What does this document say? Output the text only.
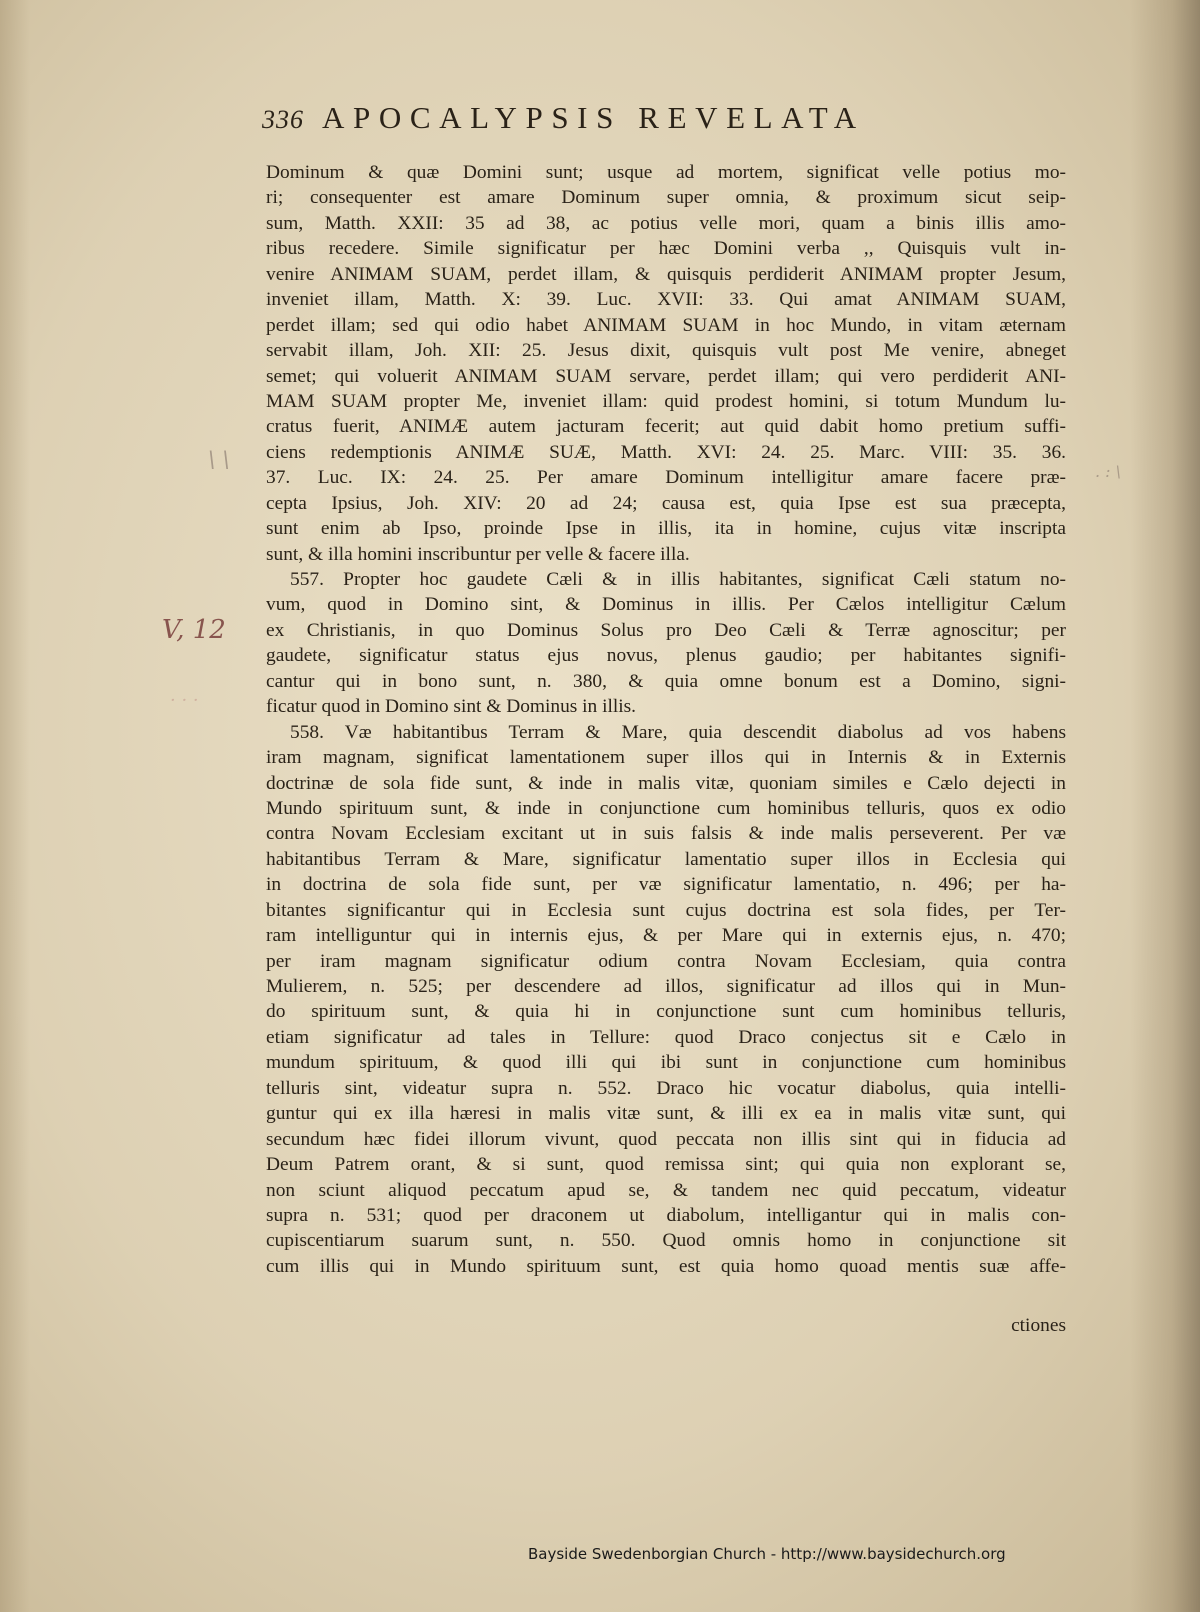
336 APOCALYPSIS REVELATA
\ \	. : \
V, 12
· · ·
Dominum & quæ Domini sunt; usque ad mortem, significat velle potius mo-
ri; consequenter est amare Dominum super omnia, & proximum sicut seip-
sum, Matth. XXII: 35 ad 38, ac potius velle mori, quam a binis illis amo-
ribus recedere. Simile significatur per hæc Domini verba ,, Quisquis vult in-
venire ANIMAM SUAM, perdet illam, & quisquis perdiderit ANIMAM propter Jesum,
inveniet illam, Matth. X: 39. Luc. XVII: 33. Qui amat ANIMAM SUAM,
perdet illam; sed qui odio habet ANIMAM SUAM in hoc Mundo, in vitam æternam
servabit illam, Joh. XII: 25. Jesus dixit, quisquis vult post Me venire, abneget
semet; qui voluerit ANIMAM SUAM servare, perdet illam; qui vero perdiderit ANI-
MAM SUAM propter Me, inveniet illam: quid prodest homini, si totum Mundum lu-
cratus fuerit, ANIMÆ autem jacturam fecerit; aut quid dabit homo pretium suffi-
ciens redemptionis ANIMÆ SUÆ, Matth. XVI: 24. 25. Marc. VIII: 35. 36.
37. Luc. IX: 24. 25. Per amare Dominum intelligitur amare facere præ-
cepta Ipsius, Joh. XIV: 20 ad 24; causa est, quia Ipse est sua præcepta,
sunt enim ab Ipso, proinde Ipse in illis, ita in homine, cujus vitæ inscripta
sunt, & illa homini inscribuntur per velle & facere illa.
557. Propter hoc gaudete Cæli & in illis habitantes, significat Cæli statum no-
vum, quod in Domino sint, & Dominus in illis. Per Cælos intelligitur Cælum
ex Christianis, in quo Dominus Solus pro Deo Cæli & Terræ agnoscitur; per
gaudete, significatur status ejus novus, plenus gaudio; per habitantes signifi-
cantur qui in bono sunt, n. 380, & quia omne bonum est a Domino, signi-
ficatur quod in Domino sint & Dominus in illis.
558. Væ habitantibus Terram & Mare, quia descendit diabolus ad vos habens
iram magnam, significat lamentationem super illos qui in Internis & in Externis
doctrinæ de sola fide sunt, & inde in malis vitæ, quoniam similes e Cælo dejecti in
Mundo spirituum sunt, & inde in conjunctione cum hominibus telluris, quos ex odio
contra Novam Ecclesiam excitant ut in suis falsis & inde malis perseverent. Per væ
habitantibus Terram & Mare, significatur lamentatio super illos in Ecclesia qui
in doctrina de sola fide sunt, per væ significatur lamentatio, n. 496; per ha-
bitantes significantur qui in Ecclesia sunt cujus doctrina est sola fides, per Ter-
ram intelliguntur qui in internis ejus, & per Mare qui in externis ejus, n. 470;
per iram magnam significatur odium contra Novam Ecclesiam, quia contra
Mulierem, n. 525; per descendere ad illos, significatur ad illos qui in Mun-
do spirituum sunt, & quia hi in conjunctione sunt cum hominibus telluris,
etiam significatur ad tales in Tellure: quod Draco conjectus sit e Cælo in
mundum spirituum, & quod illi qui ibi sunt in conjunctione cum hominibus
telluris sint, videatur supra n. 552. Draco hic vocatur diabolus, quia intelli-
guntur qui ex illa hæresi in malis vitæ sunt, & illi ex ea in malis vitæ sunt, qui
secundum hæc fidei illorum vivunt, quod peccata non illis sint qui in fiducia ad
Deum Patrem orant, & si sunt, quod remissa sint; qui quia non explorant se,
non sciunt aliquod peccatum apud se, & tandem nec quid peccatum, videatur
supra n. 531; quod per draconem ut diabolum, intelligantur qui in malis con-
cupiscentiarum suarum sunt, n. 550. Quod omnis homo in conjunctione sit
cum illis qui in Mundo spirituum sunt, est quia homo quoad mentis suæ affe-
ctiones
Bayside Swedenborgian Church - http://www.baysidechurch.org
